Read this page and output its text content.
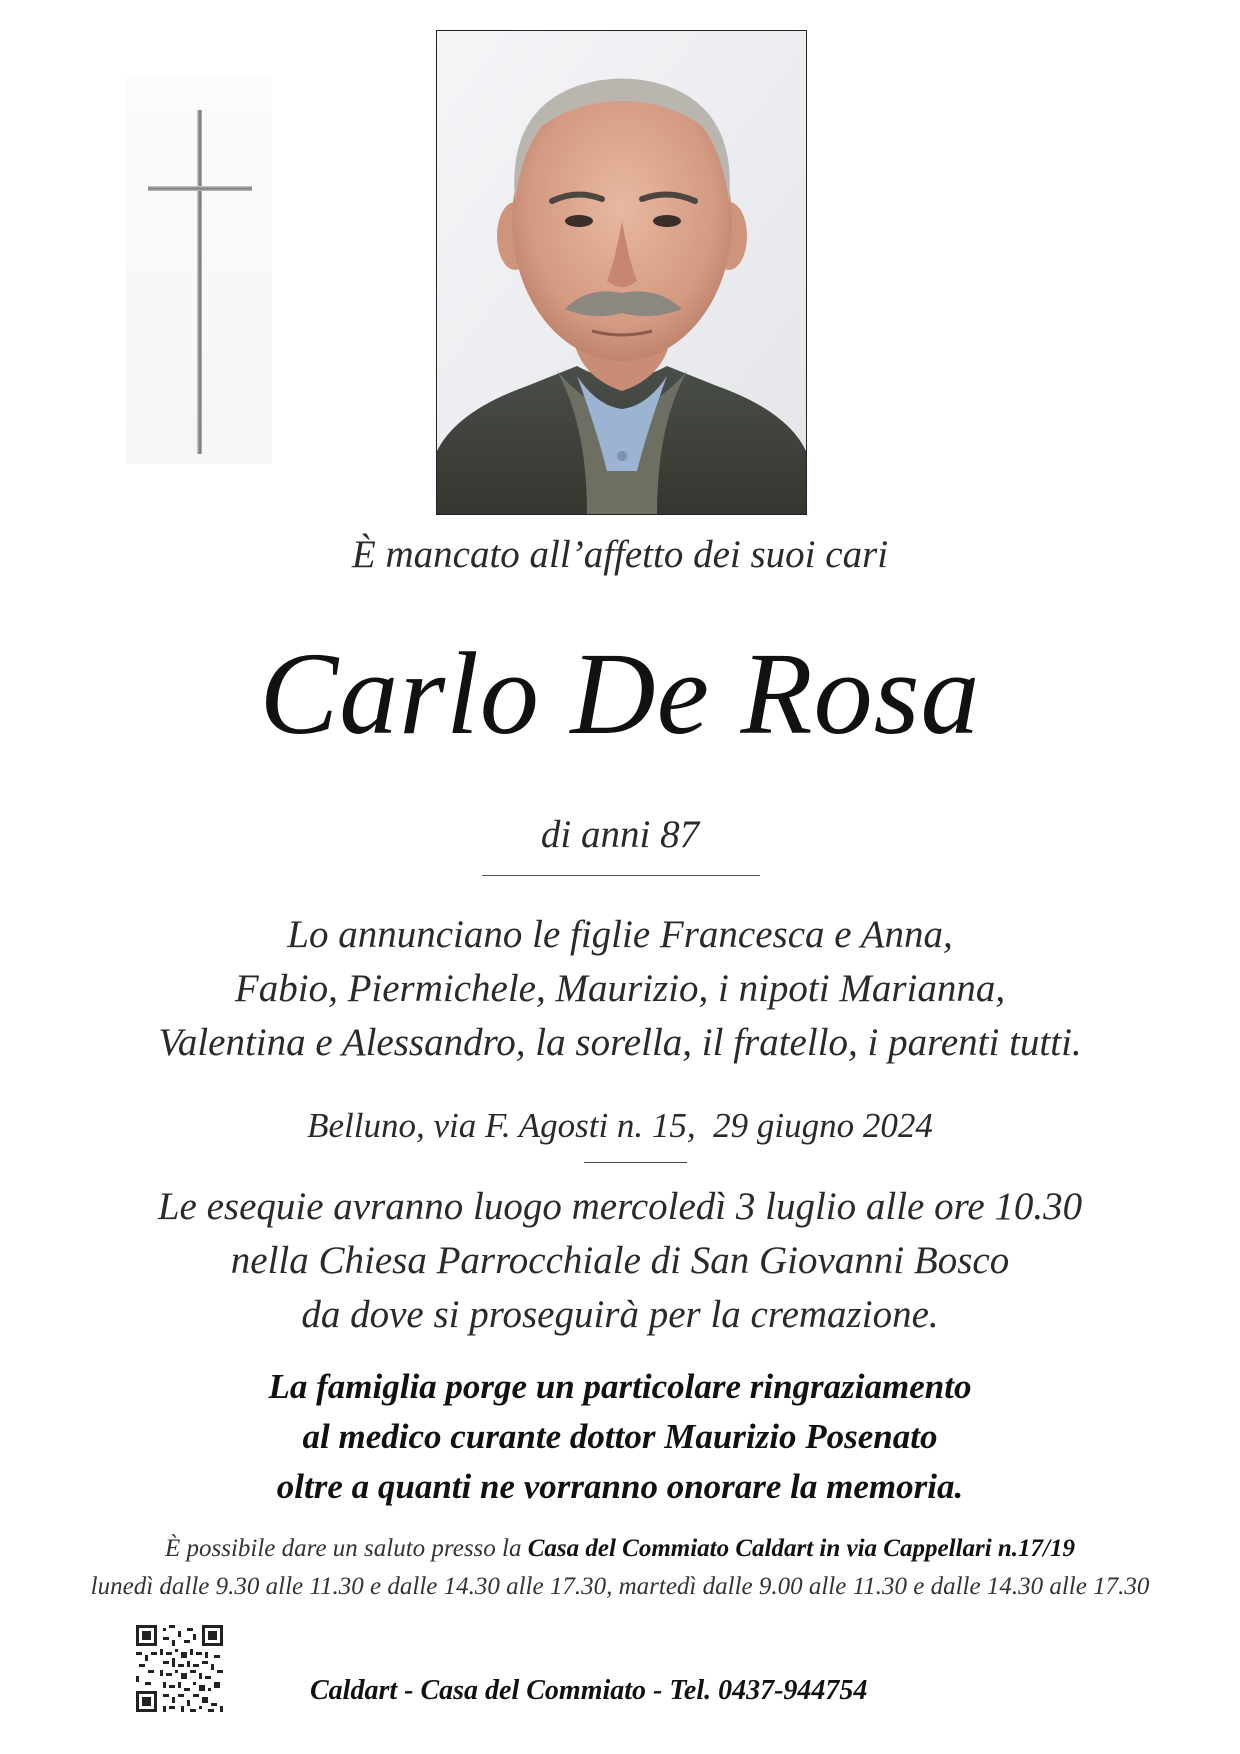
È mancato all’affetto dei suoi cari
Carlo De Rosa
di anni 87
Lo annunciano le figlie Francesca e Anna,
Fabio, Piermichele, Maurizio, i nipoti Marianna,
Valentina e Alessandro, la sorella, il fratello, i parenti tutti.
Belluno, via F. Agosti n. 15,  29 giugno 2024
Le esequie avranno luogo mercoledì 3 luglio alle ore 10.30
nella Chiesa Parrocchiale di San Giovanni Bosco
da dove si proseguirà per la cremazione.
La famiglia porge un particolare ringraziamento
al medico curante dottor Maurizio Posenato
oltre a quanti ne vorranno onorare la memoria.
È possibile dare un saluto presso la Casa del Commiato Caldart in via Cappellari n.17/19
lunedì dalle 9.30 alle 11.30 e dalle 14.30 alle 17.30, martedì dalle 9.00 alle 11.30 e dalle 14.30 alle 17.30
Caldart - Casa del Commiato - Tel. 0437-944754
